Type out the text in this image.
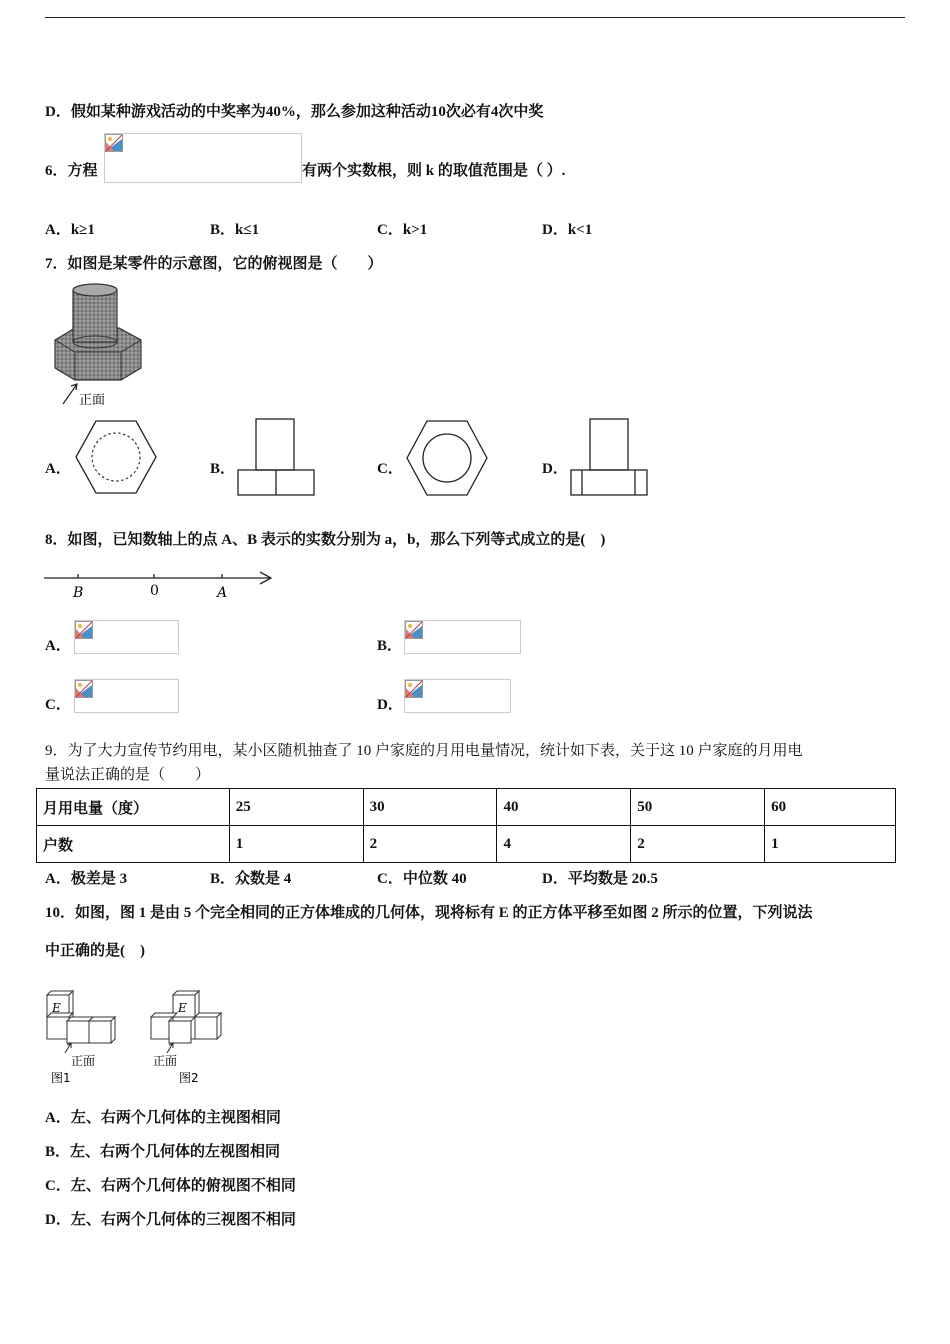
D．假如某种游戏活动的中奖率为40%，那么参加这种活动10次必有4次中奖
6．方程	有两个实数根，则 k 的取值范围是（ ）.
A．k≥1	B．k≤1	C．k>1	D．k<1
7．如图是某零件的示意图，它的俯视图是（　　）
正面
A．	B．	C．	D．
8．如图，已知数轴上的点 A、B 表示的实数分别为 a，b，那么下列等式成立的是(　)
B	0	A
A．	B．
C．	D．
9．为了大力宣传节约用电，某小区随机抽查了 10 户家庭的月用电量情况，统计如下表，关于这 10 户家庭的月用电
量说法正确的是（　　）
月用电量（度）	25	30	40	50	60
户数	1	2	4	2	1
A．极差是 3	B．众数是 4	C．中位数 40	D．平均数是 20.5
10．如图，图 1 是由 5 个完全相同的正方体堆成的几何体，现将标有 E 的正方体平移至如图 2 所示的位置，下列说法
中正确的是(　)
E	E
正面	正面
图1	图2
A．左、右两个几何体的主视图相同
B．左、右两个几何体的左视图相同
C．左、右两个几何体的俯视图不相同
D．左、右两个几何体的三视图不相同
